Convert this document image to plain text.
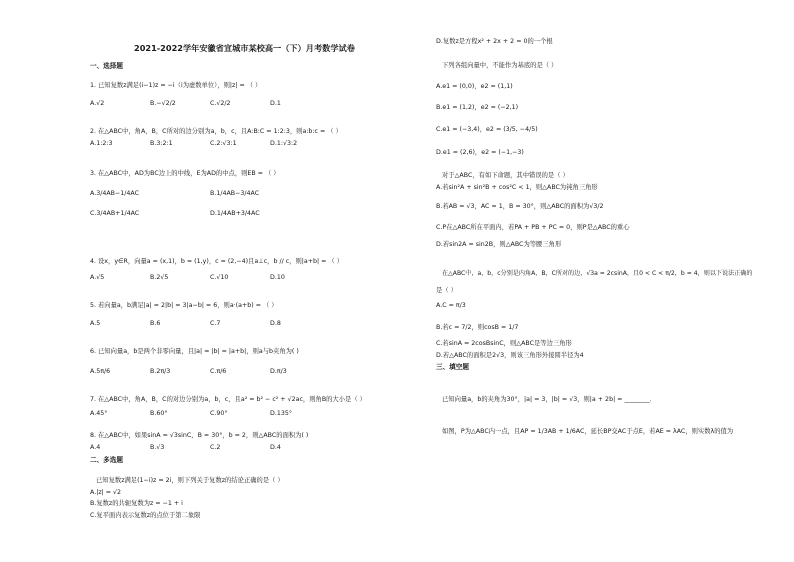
2021-2022学年安徽省宣城市某校高一（下）月考数学试卷
一、选择题
1. 已知复数z满足(i−1)z = −i（i为虚数单位），则|z| = （ ）
A.√2	B.−√2/2	C.√2/2	D.1
2. 在△ABC中，角A，B，C所对的边分别为a，b，c，且A:B:C = 1:2:3，则a:b:c = （ ）
A.1:2:3	B.3:2:1	C.2:√3:1	D.1:√3:2
3. 在△ABC中，AD为BC边上的中线，E为AD的中点，则EB = （ ）
A.3/4AB−1/4AC	B.1/4AB−3/4AC
C.3/4AB+1/4AC	D.1/4AB+3/4AC
4. 设x，y∈R，向量a = (x,1)，b = (1,y)，c = (2,−4)且a⊥c，b // c，则|a+b| = （ ）
A.√5	B.2√5	C.√10	D.10
5. 若向量a，b满足|a| = 2|b| = 3|a−b| = 6，则a·(a+b) = （ ）
A.5	B.6	C.7	D.8
6. 已知向量a，b是两个非零向量，且|a| = |b| = |a+b|，则a与b夹角为( )
A.5π/6	B.2π/3	C.π/6	D.π/3
7. 在△ABC中，角A，B，C的对边分别为a，b，c，且a² = b² − c² + √2ac，则角B的大小是（ ）
A.45°	B.60°	C.90°	D.135°
8. 在△ABC中，如果sinA = √3sinC，B = 30°，b = 2，则△ABC的面积为( )
A.4	B.√3	C.2	D.4
二、多选题
已知复数z满足(1−i)z = 2i，则下列关于复数z的结论正确的是（ ）
A.|z| = √2
B.复数z的共轭复数为z = −1 + i
C.复平面内表示复数z的点位于第二象限
D.复数z是方程x² + 2x + 2 = 0的一个根
下列各组向量中，不能作为基底的是（ ）
A.e1 = (0,0)，e2 = (1,1)
B.e1 = (1,2)，e2 = (−2,1)
C.e1 = (−3,4)，e2 = (3/5, −4/5)
D.e1 = (2,6)，e2 = (−1,−3)
对于△ABC，有如下命题，其中错误的是（ ）
A.若sin²A + sin²B + cos²C < 1，则△ABC为钝角三角形
B.若AB = √3，AC = 1，B = 30°，则△ABC的面积为√3/2
C.P在△ABC所在平面内，若PA + PB + PC = 0，则P是△ABC的重心
D.若sin2A = sin2B，则△ABC为等腰三角形
在△ABC中，a，b，c分别是内角A，B，C所对的边，√3a = 2csinA，且0 < C < π/2，b = 4，则以下说法正确的
是（ ）
A.C = π/3
B.若c = 7/2，则cosB = 1/7
C.若sinA = 2cosBsinC，则△ABC是等边三角形
D.若△ABC的面积是2√3，则该三角形外接圆半径为4
三、填空题
已知向量a，b的夹角为30°，|a| = 3，|b| = √3，则|a + 2b| = ________．
如图，P为△ABC内一点，且AP = 1/3AB + 1/6AC，延长BP交AC于点E，若AE = λAC，则实数λ的值为
